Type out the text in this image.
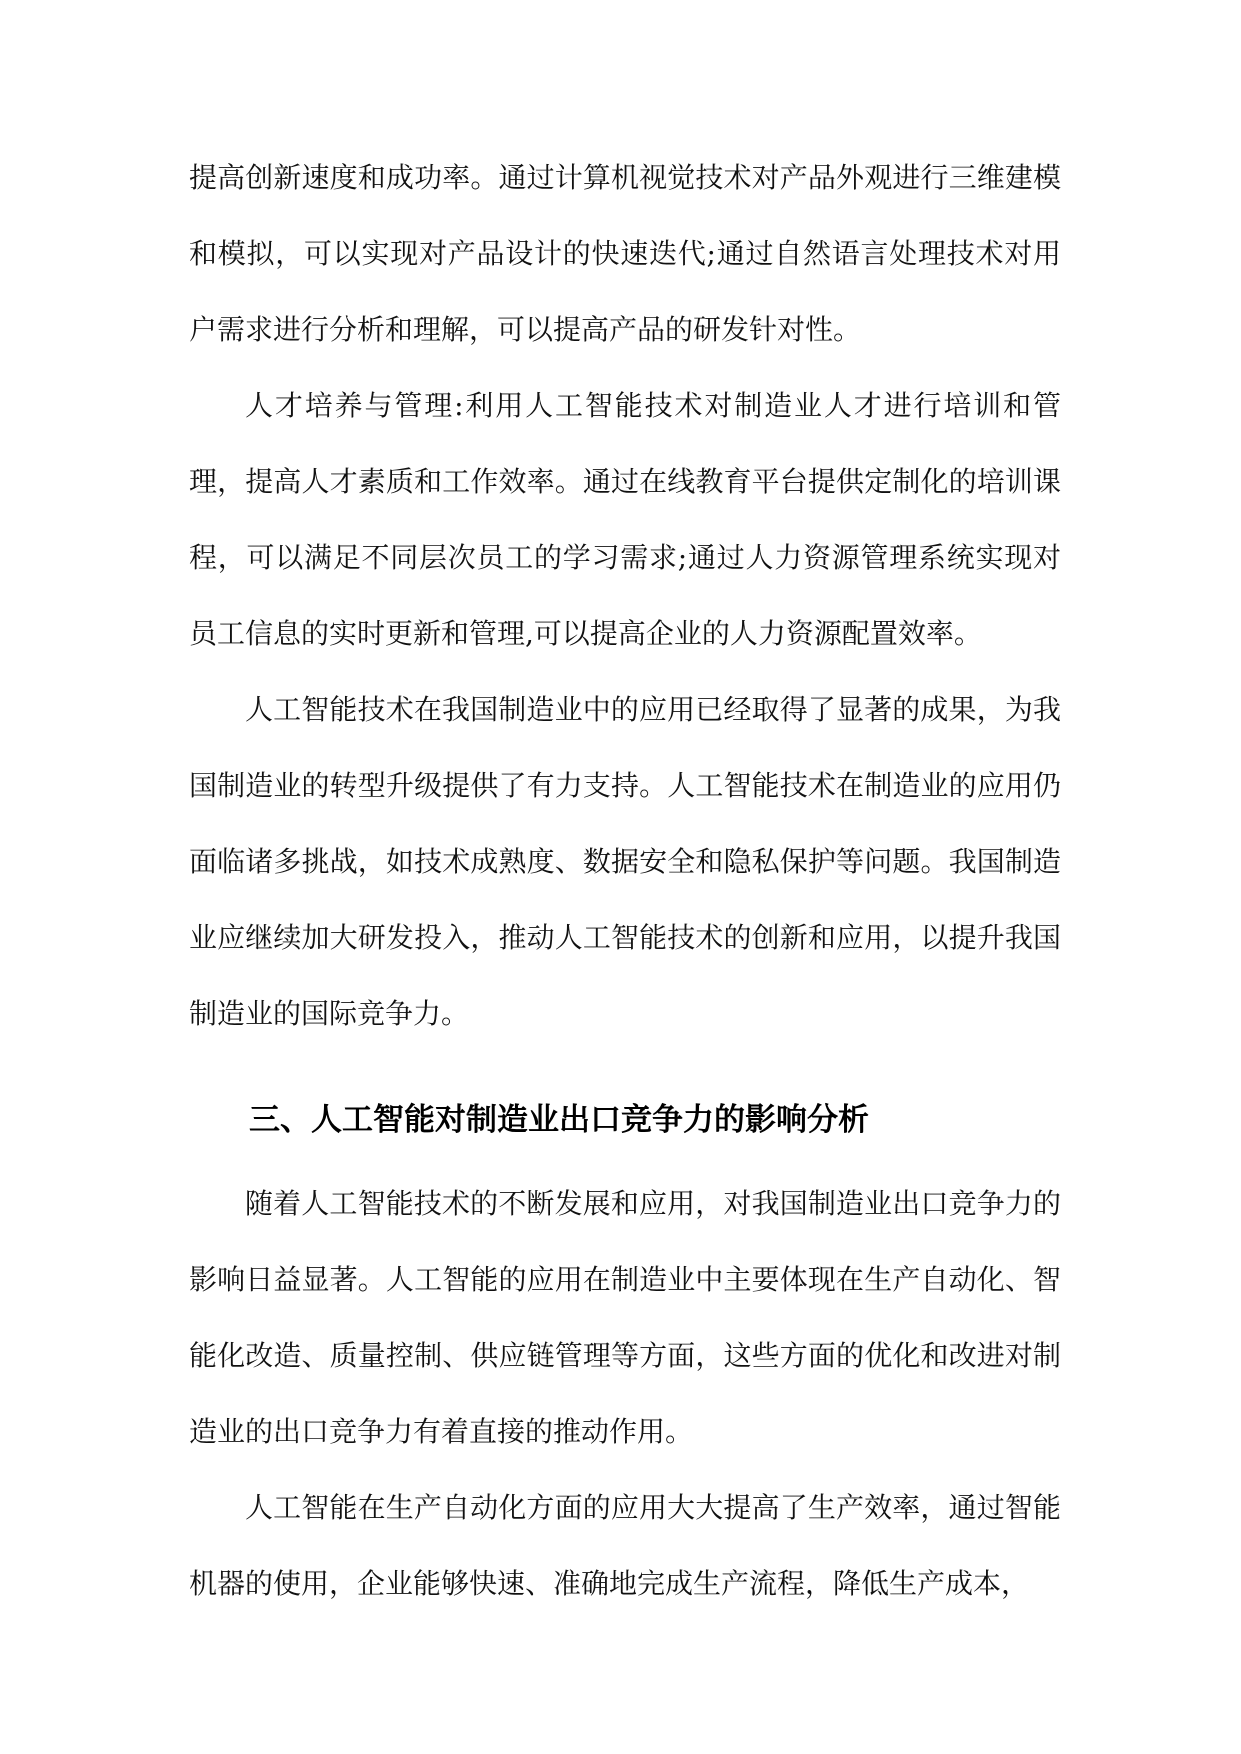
提高创新速度和成功率。通过计算机视觉技术对产品外观进行三维建模和模拟，可以实现对产品设计的快速迭代;通过自然语言处理技术对用户需求进行分析和理解，可以提高产品的研发针对性。

人才培养与管理:利用人工智能技术对制造业人才进行培训和管理，提高人才素质和工作效率。通过在线教育平台提供定制化的培训课程，可以满足不同层次员工的学习需求;通过人力资源管理系统实现对员工信息的实时更新和管理,可以提高企业的人力资源配置效率。

人工智能技术在我国制造业中的应用已经取得了显著的成果，为我国制造业的转型升级提供了有力支持。人工智能技术在制造业的应用仍面临诸多挑战，如技术成熟度、数据安全和隐私保护等问题。我国制造业应继续加大研发投入，推动人工智能技术的创新和应用，以提升我国制造业的国际竞争力。

三、人工智能对制造业出口竞争力的影响分析

随着人工智能技术的不断发展和应用，对我国制造业出口竞争力的影响日益显著。人工智能的应用在制造业中主要体现在生产自动化、智能化改造、质量控制、供应链管理等方面，这些方面的优化和改进对制造业的出口竞争力有着直接的推动作用。

人工智能在生产自动化方面的应用大大提高了生产效率，通过智能机器的使用，企业能够快速、准确地完成生产流程，降低生产成本，
